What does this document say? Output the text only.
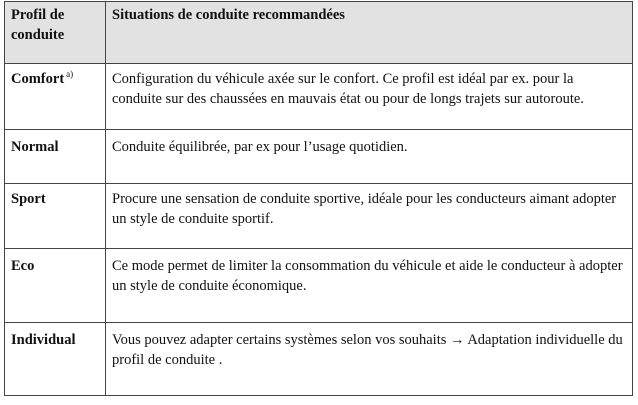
Profil de conduite	Situations de conduite recommandées
Comfort $^{a)}$	Configuration du véhicule axée sur le confort. Ce profil est idéal par ex. pour la conduite sur des chaussées en mauvais état ou pour de longs trajets sur autoroute.
Normal	Conduite équilibrée, par ex pour l’usage quotidien.
Sport	Procure une sensation de conduite sportive, idéale pour les conducteurs aimant adopter un style de conduite sportif.
Eco	Ce mode permet de limiter la consommation du véhicule et aide le conducteur à adopter un style de conduite économique.
Individual	Vous pouvez adapter certains systèmes selon vos souhaits → Adaptation individuelle du profil de conduite .
